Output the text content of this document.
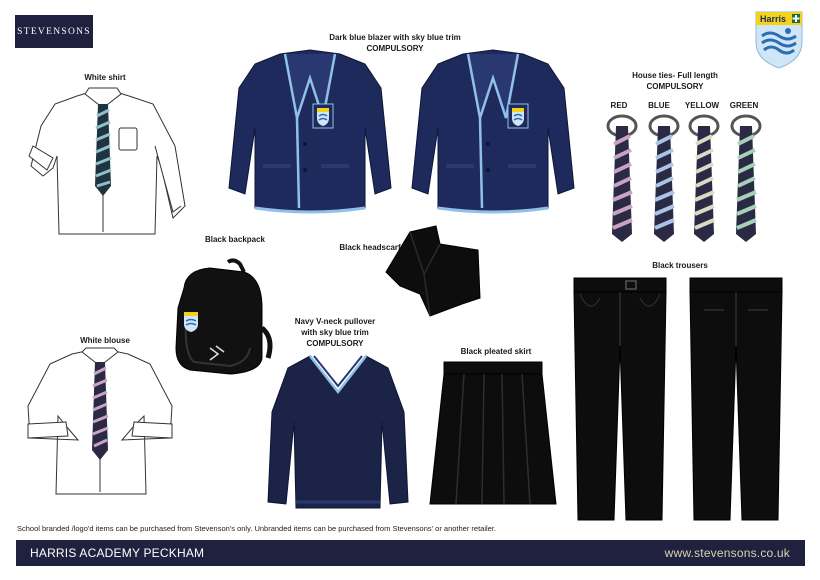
STEVENSONS
Harris
White shirt
Dark blue blazer with sky blue trim
COMPULSORY
House ties- Full length
COMPULSORY
RED	BLUE	YELLOW	GREEN
Black backpack
Black headscarf
Navy V-neck pullover
with sky blue trim
COMPULSORY
Black pleated skirt
Black trousers
White blouse
School branded /logo'd items can be purchased from Stevenson's only. Unbranded items can be purchased from Stevensons' or another retailer.
HARRIS ACADEMY PECKHAM	www.stevensons.co.uk
